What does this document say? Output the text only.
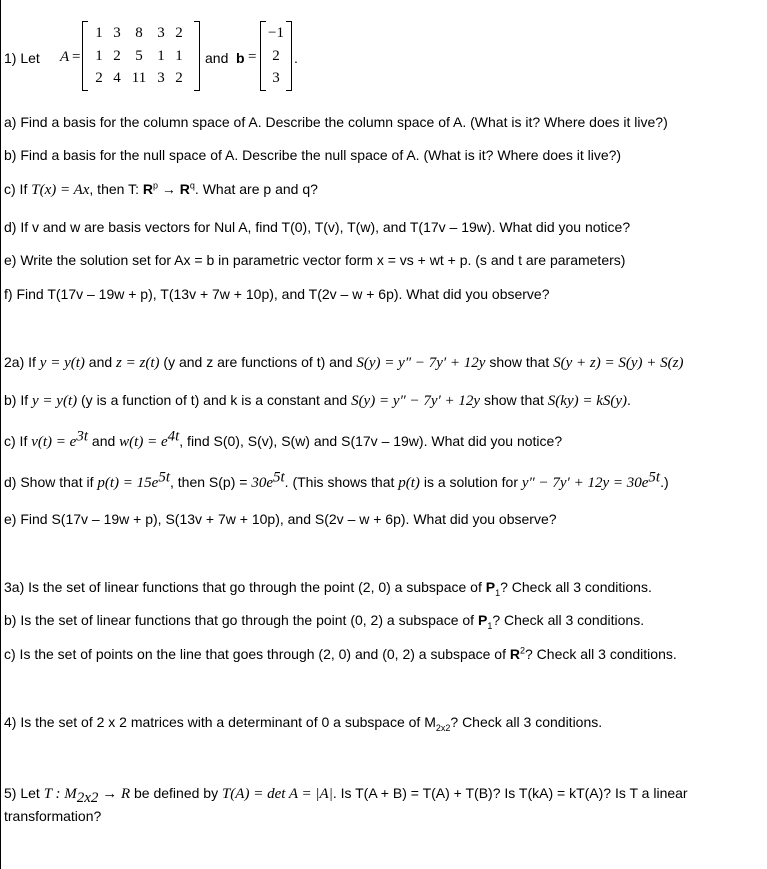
1) Let A =
1 3 8 3 2
1 2 5 1 1
2 4 11 3 2
and b =
−1
2
3
.
a) Find a basis for the column space of A. Describe the column space of A. (What is it? Where does it live?)
b) Find a basis for the null space of A. Describe the null space of A. (What is it? Where does it live?)
c) If T(x) = Ax, then T: $R^p \to R^q$. What are p and q?
d) If v and w are basis vectors for Nul A, find T(0), T(v), T(w), and T(17v – 19w). What did you notice?
e) Write the solution set for Ax = b in parametric vector form x = vs + wt + p. (s and t are parameters)
f) Find T(17v – 19w + p), T(13v + 7w + 10p), and T(2v – w + 6p). What did you observe?
2a) If y = y(t) and z = z(t) (y and z are functions of t) and S(y) = y″ − 7y′ + 12y show that S(y + z) = S(y) + S(z)
b) If y = y(t) (y is a function of t) and k is a constant and S(y) = y″ − 7y′ + 12y show that S(ky) = kS(y).
c) If $v(t) = e^{3t}$ and $w(t) = e^{4t}$, find S(0), S(v), S(w) and S(17v – 19w). What did you notice?
d) Show that if $p(t) = 15e^{5t}$, then $S(p) = 30e^{5t}$. (This shows that p(t) is a solution for $y'' - 7y' + 12y = 30e^{5t}$.)
e) Find S(17v – 19w + p), S(13v + 7w + 10p), and S(2v – w + 6p). What did you observe?
3a) Is the set of linear functions that go through the point (2, 0) a subspace of $P_1$? Check all 3 conditions.
b) Is the set of linear functions that go through the point (0, 2) a subspace of $P_1$? Check all 3 conditions.
c) Is the set of points on the line that goes through (2, 0) and (0, 2) a subspace of $R^2$? Check all 3 conditions.
4) Is the set of 2 x 2 matrices with a determinant of 0 a subspace of $M_{2x2}$? Check all 3 conditions.
5) Let T : $M_{2x2} \to R$ be defined by T(A) = det A = |A|. Is T(A + B) = T(A) + T(B)? Is T(kA) = kT(A)? Is T a linear
transformation?
